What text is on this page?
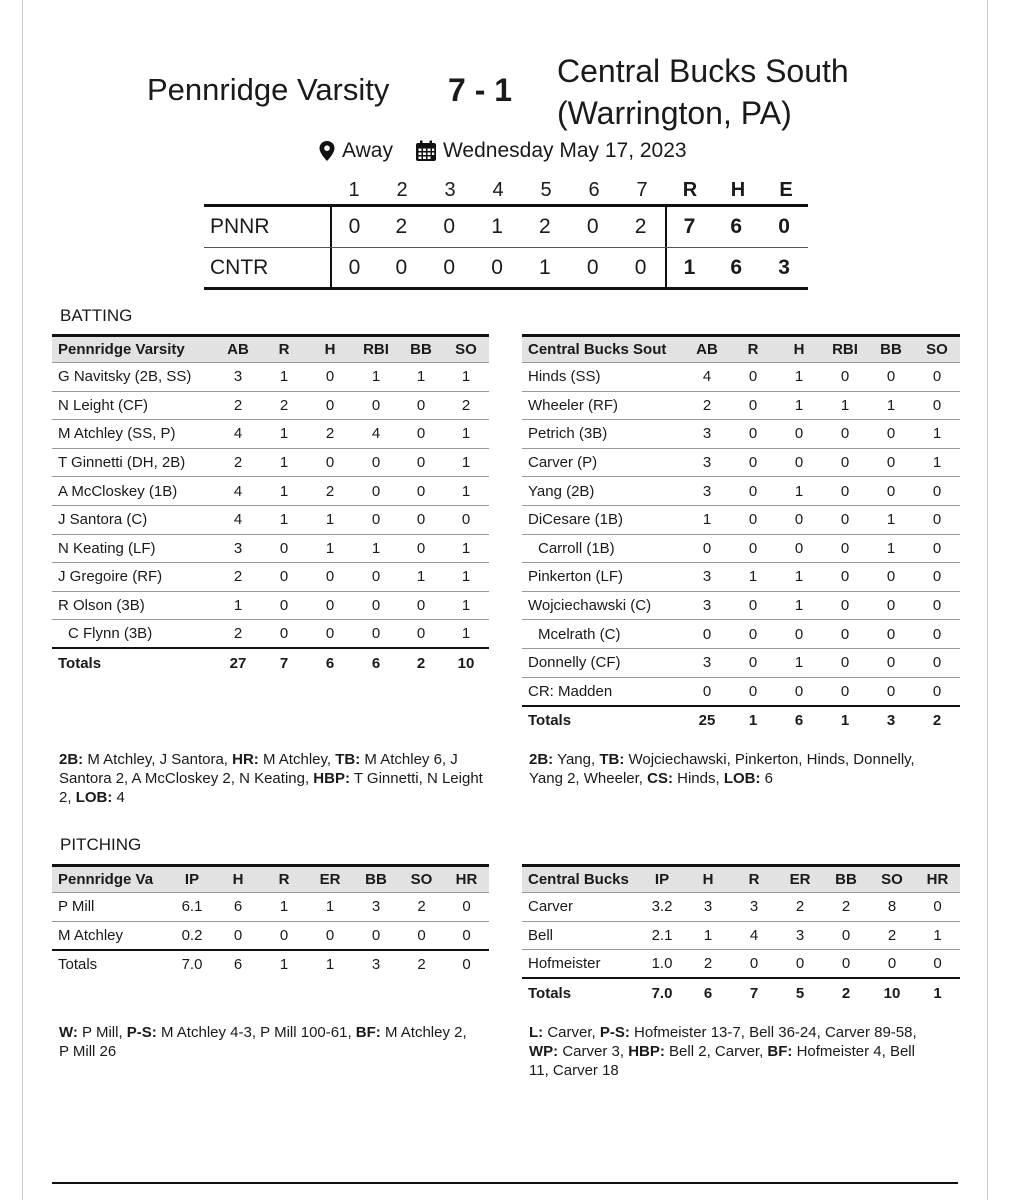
Pennridge Varsity 7 - 1
Central Bucks South
(Warrington, PA)
Away Wednesday May 17, 2023
1	2	3	4	5	6	7	R	H	E
PNNR	0	2	0	1	2	0	2	7	6	0
CNTR	0	0	0	0	1	0	0	1	6	3
BATTING
Pennridge Varsity	AB	R	H	RBI	BB	SO
G Navitsky (2B, SS)	3	1	0	1	1	1
N Leight (CF)	2	2	0	0	0	2
M Atchley (SS, P)	4	1	2	4	0	1
T Ginnetti (DH, 2B)	2	1	0	0	0	1
A McCloskey (1B)	4	1	2	0	0	1
J Santora (C)	4	1	1	0	0	0
N Keating (LF)	3	0	1	1	0	1
J Gregoire (RF)	2	0	0	0	1	1
R Olson (3B)	1	0	0	0	0	1
C Flynn (3B)	2	0	0	0	0	1
Totals	27	7	6	6	2	10
Central Bucks Sout	AB	R	H	RBI	BB	SO
Hinds (SS)	4	0	1	0	0	0
Wheeler (RF)	2	0	1	1	1	0
Petrich (3B)	3	0	0	0	0	1
Carver (P)	3	0	0	0	0	1
Yang (2B)	3	0	1	0	0	0
DiCesare (1B)	1	0	0	0	1	0
Carroll (1B)	0	0	0	0	1	0
Pinkerton (LF)	3	1	1	0	0	0
Wojciechawski (C)	3	0	1	0	0	0
Mcelrath (C)	0	0	0	0	0	0
Donnelly (CF)	3	0	1	0	0	0
CR: Madden	0	0	0	0	0	0
Totals	25	1	6	1	3	2
2B: M Atchley, J Santora, HR: M Atchley, TB: M Atchley 6, J Santora 2, A McCloskey 2, N Keating, HBP: T Ginnetti, N Leight 2, LOB: 4
2B: Yang, TB: Wojciechawski, Pinkerton, Hinds, Donnelly, Yang 2, Wheeler, CS: Hinds, LOB: 6
PITCHING
Pennridge Va	IP	H	R	ER	BB	SO	HR
P Mill	6.1	6	1	1	3	2	0
M Atchley	0.2	0	0	0	0	0	0
Totals	7.0	6	1	1	3	2	0
Central Bucks	IP	H	R	ER	BB	SO	HR
Carver	3.2	3	3	2	2	8	0
Bell	2.1	1	4	3	0	2	1
Hofmeister	1.0	2	0	0	0	0	0
Totals	7.0	6	7	5	2	10	1
W: P Mill, P-S: M Atchley 4-3, P Mill 100-61, BF: M Atchley 2, P Mill 26
L: Carver, P-S: Hofmeister 13-7, Bell 36-24, Carver 89-58, WP: Carver 3, HBP: Bell 2, Carver, BF: Hofmeister 4, Bell 11, Carver 18
